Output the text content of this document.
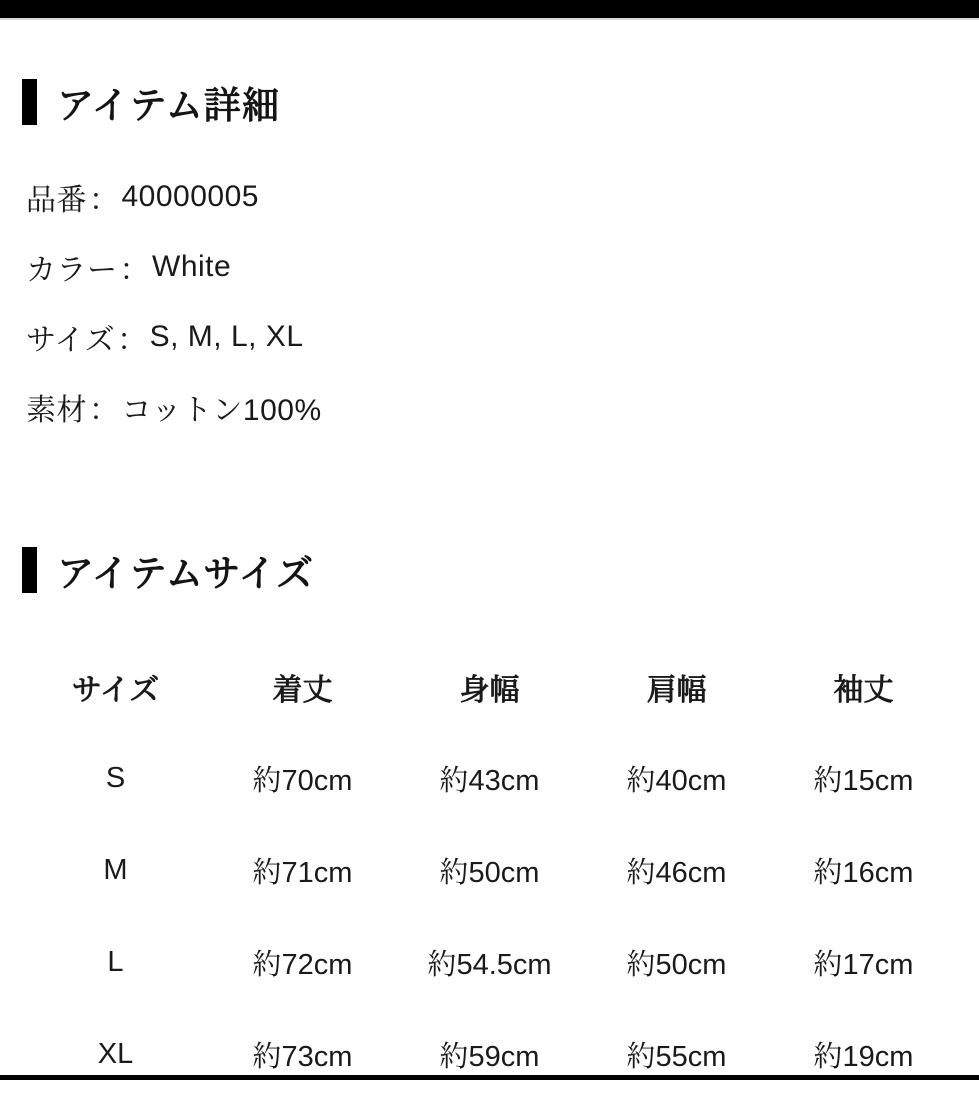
アイテム詳細
品番 ： 40000005
カラー ： White
サイズ ： S, M, L, XL
素材 ： コットン100%
アイテムサイズ
サイズ	着丈	身幅	肩幅	袖丈
S	約70cm	約43cm	約40cm	約15cm
M	約71cm	約50cm	約46cm	約16cm
L	約72cm	約54.5cm	約50cm	約17cm
XL	約73cm	約59cm	約55cm	約19cm
